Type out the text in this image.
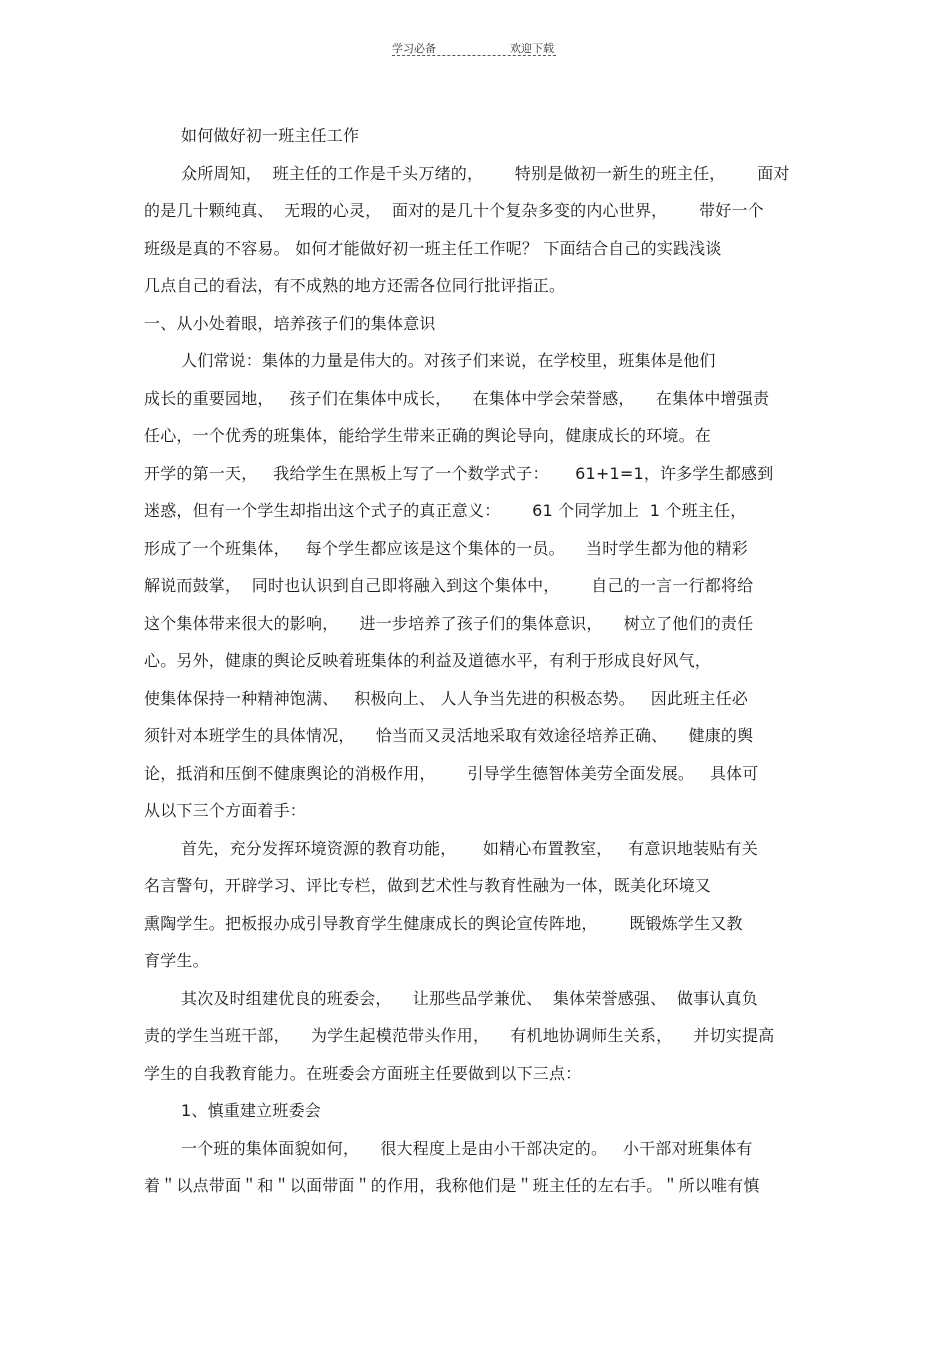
学习必备	欢迎下载
如何做好初一班主任工作
众所周知，  班主任的工作是千头万绪的，      特别是做初一新生的班主任，      面对
的是几十颗纯真、  无瑕的心灵，  面对的是几十个复杂多变的内心世界，      带好一个
班级是真的不容易。 如何才能做好初一班主任工作呢？ 下面结合自己的实践浅谈
几点自己的看法，有不成熟的地方还需各位同行批评指正。
一、从小处着眼，培养孩子们的集体意识
人们常说：集体的力量是伟大的。对孩子们来说，在学校里，班集体是他们
成长的重要园地，   孩子们在集体中成长，    在集体中学会荣誉感，    在集体中增强责
任心，一个优秀的班集体，能给学生带来正确的舆论导向，健康成长的环境。在
开学的第一天，   我给学生在黑板上写了一个数学式子：     61+1=1，许多学生都感到
迷惑，但有一个学生却指出这个式子的真正意义：      61 个同学加上  1 个班主任，
形成了一个班集体，   每个学生都应该是这个集体的一员。    当时学生都为他的精彩
解说而鼓掌，  同时也认识到自己即将融入到这个集体中，      自己的一言一行都将给
这个集体带来很大的影响，    进一步培养了孩子们的集体意识，    树立了他们的责任
心。另外，健康的舆论反映着班集体的利益及道德水平，有利于形成良好风气，
使集体保持一种精神饱满、   积极向上、 人人争当先进的积极态势。   因此班主任必
须针对本班学生的具体情况，    恰当而又灵活地采取有效途径培养正确、    健康的舆
论，抵消和压倒不健康舆论的消极作用，      引导学生德智体美劳全面发展。   具体可
从以下三个方面着手：
首先，充分发挥环境资源的教育功能，     如精心布置教室，   有意识地装贴有关
名言警句，开辟学习、评比专栏，做到艺术性与教育性融为一体，既美化环境又
熏陶学生。把板报办成引导教育学生健康成长的舆论宣传阵地，      既锻炼学生又教
育学生。
其次及时组建优良的班委会，    让那些品学兼优、  集体荣誉感强、  做事认真负
责的学生当班干部，    为学生起模范带头作用，    有机地协调师生关系，    并切实提高
学生的自我教育能力。在班委会方面班主任要做到以下三点：
1、慎重建立班委会
一个班的集体面貌如何，    很大程度上是由小干部决定的。   小干部对班集体有
着＂以点带面＂和＂以面带面＂的作用，我称他们是＂班主任的左右手。＂所以唯有慎
